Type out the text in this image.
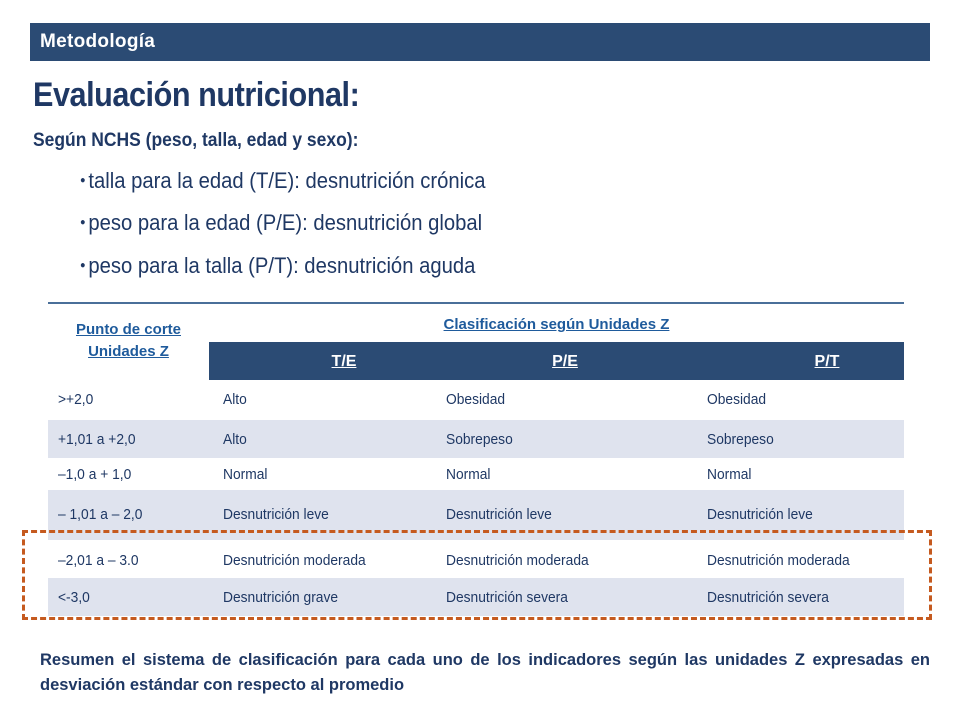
Metodología
Evaluación nutricional:
Según NCHS (peso, talla, edad y sexo):
● talla para la edad (T/E): desnutrición crónica
● peso para la edad (P/E): desnutrición global
● peso para la talla (P/T): desnutrición aguda
Punto de corte
Unidades Z
Clasificación según Unidades Z
T/E	P/E	P/T
>+2,0	Alto	Obesidad	Obesidad
+1,01 a +2,0	Alto	Sobrepeso	Sobrepeso
–1,0 a + 1,0	Normal	Normal	Normal
– 1,01 a – 2,0	Desnutrición leve	Desnutrición leve	Desnutrición leve
–2,01 a – 3.0	Desnutrición moderada	Desnutrición moderada	Desnutrición moderada
<-3,0	Desnutrición grave	Desnutrición severa	Desnutrición severa
Resumen el sistema de clasificación para cada uno de los indicadores según las unidades Z expresadas en desviación estándar con respecto al promedio
